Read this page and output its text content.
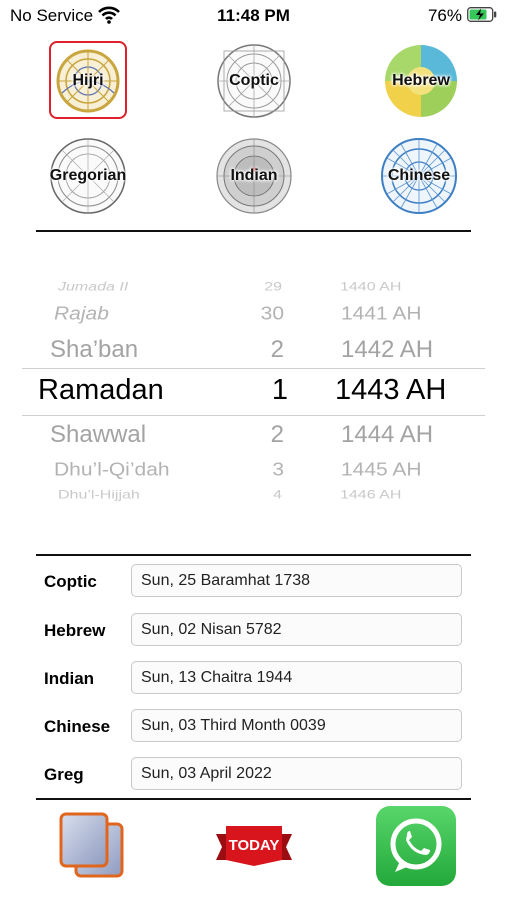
No Service	11:48 PM	76%
Hijri	Coptic	Hebrew
Gregorian	Indian	Chinese
Jumada II	29	1440 AH
Rajab	30	1441 AH
Sha’ban	2 1442 AH
Ramadan	1 1443 AH
Shawwal	2 1444 AH
Dhu’l-Qi’dah	3	1445 AH
Dhu’l-Hijjah	4	1446 AH
Coptic	Sun, 25 Baramhat 1738
Hebrew	Sun, 02 Nisan 5782
Indian	Sun, 13 Chaitra 1944
Chinese	Sun, 03 Third Month 0039
Greg	Sun, 03 April 2022
TODAY
